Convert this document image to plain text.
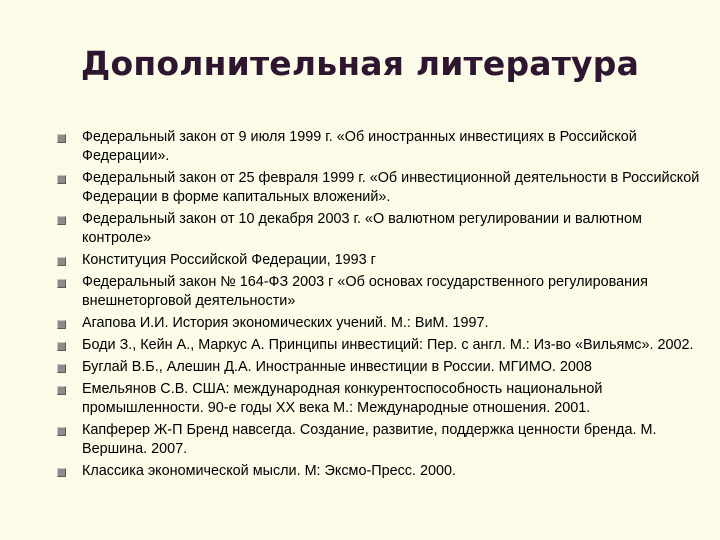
Дополнительная литература
Федеральный закон от 9 июля 1999 г. «Об иностранных инвестициях в Российской Федерации».
Федеральный закон от 25 февраля 1999 г. «Об инвестиционной деятельности в Российской Федерации в форме капитальных вложений».
Федеральный закон от 10 декабря 2003 г. «О валютном регулировании и валютном контроле»
Конституция Российской Федерации, 1993 г
Федеральный закон № 164-ФЗ 2003 г «Об основах государственного регулирования внешнеторговой деятельности»
Агапова И.И. История экономических учений. М.: ВиМ. 1997.
Боди З., Кейн А., Маркус А. Принципы инвестиций: Пер. с англ. М.: Из-во «Вильямс». 2002.
Буглай В.Б., Алешин Д.А. Иностранные инвестиции в России. МГИМО. 2008
Емельянов С.В. США: международная конкурентоспособность национальной промышленности. 90-е годы XX века М.: Международные отношения. 2001.
Капферер Ж-П Бренд навсегда. Создание, развитие, поддержка ценности бренда. М. Вершина. 2007.
Классика экономической мысли. М: Эксмо-Пресс. 2000.
